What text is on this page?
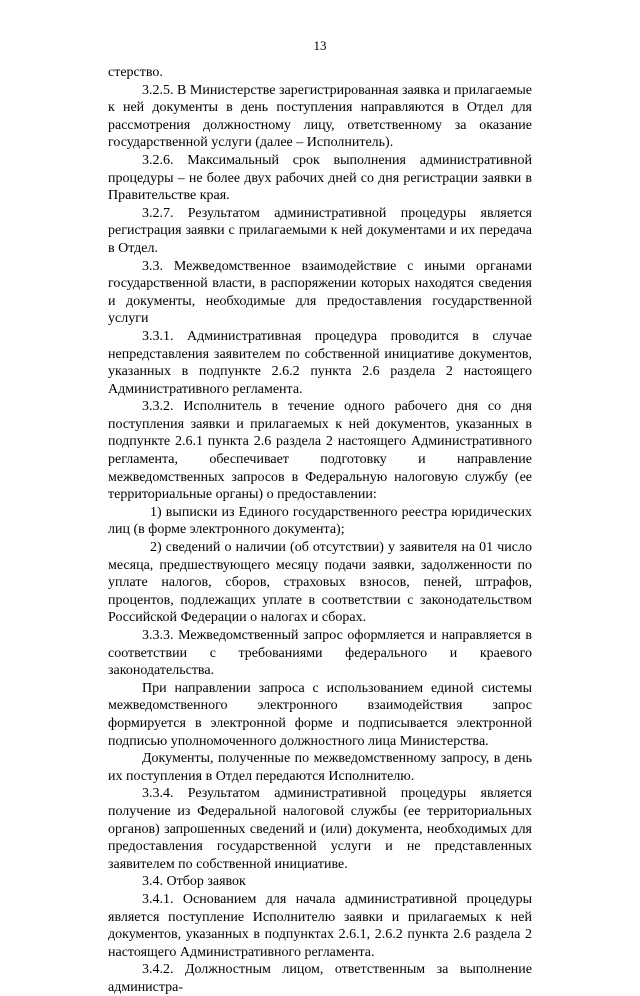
13

стерство.

3.2.5. В Министерстве зарегистрированная заявка и прилагаемые к ней документы в день поступления направляются в Отдел для рассмотрения должностному лицу, ответственному за оказание государственной услуги (далее – Исполнитель).

3.2.6. Максимальный срок выполнения административной процедуры – не более двух рабочих дней со дня регистрации заявки в Правительстве края.

3.2.7. Результатом административной процедуры является регистрация заявки с прилагаемыми к ней документами и их передача в Отдел.

3.3. Межведомственное взаимодействие с иными органами государственной власти, в распоряжении которых находятся сведения и документы, необходимые для предоставления государственной услуги

3.3.1. Административная процедура проводится в случае непредставления заявителем по собственной инициативе документов, указанных в подпункте 2.6.2 пункта 2.6 раздела 2 настоящего Административного регламента.

3.3.2. Исполнитель в течение одного рабочего дня со дня поступления заявки и прилагаемых к ней документов, указанных в подпункте 2.6.1 пункта 2.6 раздела 2 настоящего Административного регламента, обеспечивает подготовку и направление межведомственных запросов в Федеральную налоговую службу (ее территориальные органы) о предоставлении:

1) выписки из Единого государственного реестра юридических лиц (в форме электронного документа);

2) сведений о наличии (об отсутствии) у заявителя на 01 число месяца, предшествующего месяцу подачи заявки, задолженности по уплате налогов, сборов, страховых взносов, пеней, штрафов, процентов, подлежащих уплате в соответствии с законодательством Российской Федерации о налогах и сборах.

3.3.3. Межведомственный запрос оформляется и направляется в соответствии с требованиями федерального и краевого законодательства.

При направлении запроса с использованием единой системы межведомственного электронного взаимодействия запрос формируется в электронной форме и подписывается электронной подписью уполномоченного должностного лица Министерства.

Документы, полученные по межведомственному запросу, в день их поступления в Отдел передаются Исполнителю.

3.3.4. Результатом административной процедуры является получение из Федеральной налоговой службы (ее территориальных органов) запрошенных сведений и (или) документа, необходимых для предоставления государственной услуги и не представленных заявителем по собственной инициативе.

3.4. Отбор заявок

3.4.1. Основанием для начала административной процедуры является поступление Исполнителю заявки и прилагаемых к ней документов, указанных в подпунктах 2.6.1, 2.6.2 пункта 2.6 раздела 2 настоящего Административного регламента.

3.4.2. Должностным лицом, ответственным за выполнение администра-
